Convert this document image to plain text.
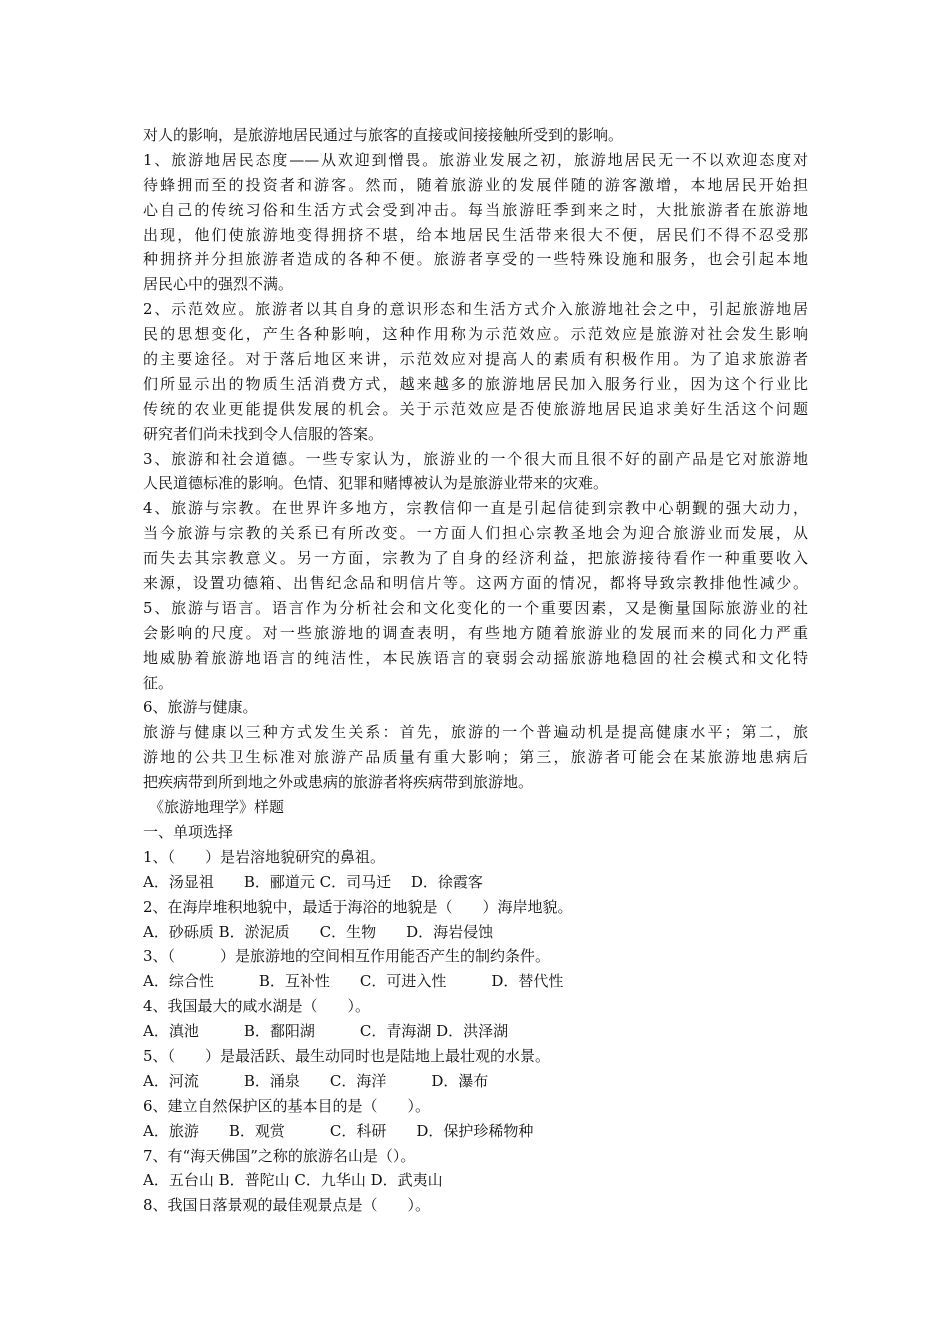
对人的影响，是旅游地居民通过与旅客的直接或间接接触所受到的影响。
1、旅游地居民态度——从欢迎到憎畏。旅游业发展之初，旅游地居民无一不以欢迎态度对
待蜂拥而至的投资者和游客。然而，随着旅游业的发展伴随的游客激增，本地居民开始担
心自己的传统习俗和生活方式会受到冲击。每当旅游旺季到来之时，大批旅游者在旅游地
出现，他们使旅游地变得拥挤不堪，给本地居民生活带来很大不便，居民们不得不忍受那
种拥挤并分担旅游者造成的各种不便。旅游者享受的一些特殊设施和服务，也会引起本地
居民心中的强烈不满。
2、示范效应。旅游者以其自身的意识形态和生活方式介入旅游地社会之中，引起旅游地居
民的思想变化，产生各种影响，这种作用称为示范效应。示范效应是旅游对社会发生影响
的主要途径。对于落后地区来讲，示范效应对提高人的素质有积极作用。为了追求旅游者
们所显示出的物质生活消费方式，越来越多的旅游地居民加入服务行业，因为这个行业比
传统的农业更能提供发展的机会。关于示范效应是否使旅游地居民追求美好生活这个问题
研究者们尚未找到令人信服的答案。
3、旅游和社会道德。一些专家认为，旅游业的一个很大而且很不好的副产品是它对旅游地
人民道德标准的影响。色情、犯罪和赌博被认为是旅游业带来的灾难。
4、旅游与宗教。在世界许多地方，宗教信仰一直是引起信徒到宗教中心朝觐的强大动力，
当今旅游与宗教的关系已有所改变。一方面人们担心宗教圣地会为迎合旅游业而发展，从
而失去其宗教意义。另一方面，宗教为了自身的经济利益，把旅游接待看作一种重要收入
来源，设置功德箱、出售纪念品和明信片等。这两方面的情况，都将导致宗教排他性减少。
5、旅游与语言。语言作为分析社会和文化变化的一个重要因素，又是衡量国际旅游业的社
会影响的尺度。对一些旅游地的调查表明，有些地方随着旅游业的发展而来的同化力严重
地威胁着旅游地语言的纯洁性，本民族语言的衰弱会动摇旅游地稳固的社会模式和文化特
征。
6、旅游与健康。
旅游与健康以三种方式发生关系：首先，旅游的一个普遍动机是提高健康水平；第二，旅
游地的公共卫生标准对旅游产品质量有重大影响；第三，旅游者可能会在某旅游地患病后
把疾病带到所到地之外或患病的旅游者将疾病带到旅游地。
《旅游地理学》样题
一、单项选择
1、（　　）是岩溶地貌研究的鼻祖。
A．汤显祖　　B．郦道元 C．司马迁　 D．徐霞客
2、在海岸堆积地貌中，最适于海浴的地貌是（　　）海岸地貌。
A．砂砾质 B．淤泥质　　C．生物　　D．海岩侵蚀
3、（　　　）是旅游地的空间相互作用能否产生的制约条件。
A．综合性　　　B．互补性　　C．可进入性　　　D．替代性
4、我国最大的咸水湖是（　　）。
A．滇池　　　B．鄱阳湖　　　C．青海湖 D．洪泽湖
5、（　　）是最活跃、最生动同时也是陆地上最壮观的水景。
A．河流　　　B．涌泉　　C．海洋　　　D．瀑布
6、建立自然保护区的基本目的是（　　）。
A．旅游　　B．观赏　　　C．科研　　D．保护珍稀物种
7、有“海天佛国”之称的旅游名山是（）。
A．五台山 B．普陀山 C．九华山 D．武夷山
8、我国日落景观的最佳观景点是（　　）。
